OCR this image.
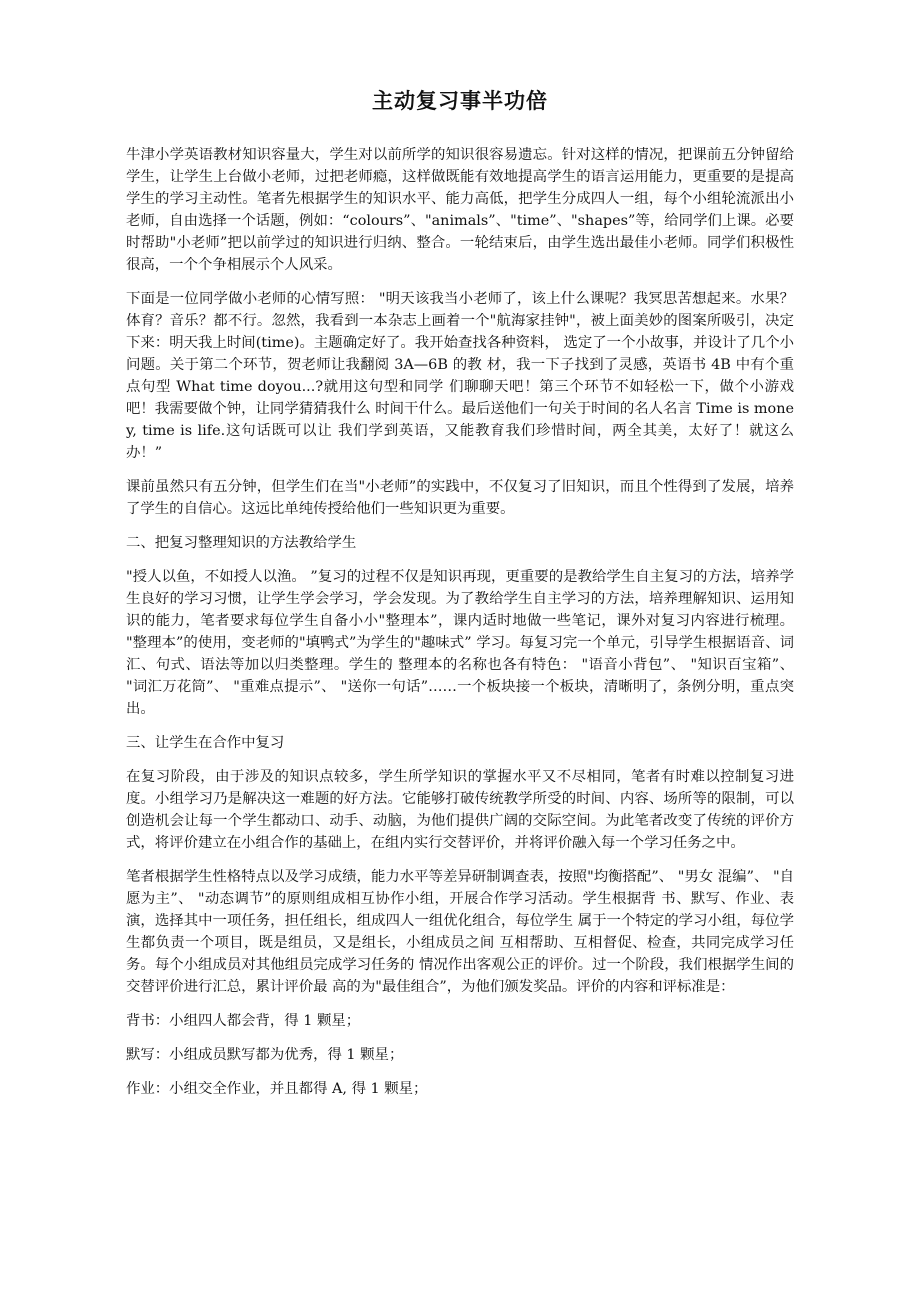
主动复习事半功倍

牛津小学英语教材知识容量大，学生对以前所学的知识很容易遗忘。针对这样的情况，把课前五分钟留给学生，让学生上台做小老师，过把老师瘾，这样做既能有效地提高学生的语言运用能力，更重要的是提高学生的学习主动性。笔者先根据学生的知识水平、能力高低，把学生分成四人一组，每个小组轮流派出小老师，自由选择一个话题，例如：“colours”、"animals”、"time”、"shapes”等，给同学们上课。必要时帮助"小老师”把以前学过的知识进行归纳、整合。一轮结束后，由学生选出最佳小老师。同学们积极性很高，一个个争相展示个人风采。

下面是一位同学做小老师的心情写照： "明天该我当小老师了，该上什么课呢？我冥思苦想起来。水果？体育？音乐？都不行。忽然，我看到一本杂志上画着一个"航海家挂钟"，被上面美妙的图案所吸引，决定下来：明天我上时间(time)。主题确定好了。我开始查找各种资料， 选定了一个小故事，并设计了几个小问题。关于第二个环节，贺老师让我翻阅 3A—6B 的教 材，我一下子找到了灵感，英语书 4B 中有个重点句型 What time doyou...?就用这句型和同学 们聊聊天吧！第三个环节不如轻松一下，做个小游戏吧！我需要做个钟，让同学猜猜我什么 时间干什么。最后送他们一句关于时间的名人名言 Time is money, time is life.这句话既可以让 我们学到英语，又能教育我们珍惜时间，两全其美，太好了！就这么办！”

课前虽然只有五分钟，但学生们在当"小老师”的实践中，不仅复习了旧知识，而且个性得到了发展，培养了学生的自信心。这远比单纯传授给他们一些知识更为重要。

二、把复习整理知识的方法教给学生

"授人以鱼，不如授人以渔。 ”复习的过程不仅是知识再现，更重要的是教给学生自主复习的方法，培养学生良好的学习习惯，让学生学会学习，学会发现。为了教给学生自主学习的方法，培养理解知识、运用知识的能力，笔者要求每位学生自备小小"整理本”，课内适时地做一些笔记，课外对复习内容进行梳理。 "整理本”的使用，变老师的"填鸭式”为学生的"趣味式” 学习。每复习完一个单元，引导学生根据语音、词汇、句式、语法等加以归类整理。学生的 整理本的名称也各有特色： "语音小背包”、 "知识百宝箱”、 "词汇万花筒”、 "重难点提示”、 "送你一句话”……一个板块接一个板块，清晰明了，条例分明，重点突出。

三、让学生在合作中复习

在复习阶段，由于涉及的知识点较多，学生所学知识的掌握水平又不尽相同，笔者有时难以控制复习进度。小组学习乃是解决这一难题的好方法。它能够打破传统教学所受的时间、内容、场所等的限制，可以创造机会让每一个学生都动口、动手、动脑，为他们提供广阔的交际空间。为此笔者改变了传统的评价方式，将评价建立在小组合作的基础上，在组内实行交替评价，并将评价融入每一个学习任务之中。

笔者根据学生性格特点以及学习成绩，能力水平等差异研制调查表，按照"均衡搭配”、 "男女 混编”、 "自愿为主”、 "动态调节”的原则组成相互协作小组，开展合作学习活动。学生根据背 书、默写、作业、表演，选择其中一项任务，担任组长，组成四人一组优化组合，每位学生 属于一个特定的学习小组，每位学生都负责一个项目，既是组员，又是组长，小组成员之间 互相帮助、互相督促、检查，共同完成学习任务。每个小组成员对其他组员完成学习任务的 情况作出客观公正的评价。过一个阶段，我们根据学生间的交替评价进行汇总，累计评价最 高的为"最佳组合”，为他们颁发奖品。评价的内容和评标准是：

背书：小组四人都会背，得 1 颗星；

默写：小组成员默写都为优秀，得 1 颗星；

作业：小组交全作业，并且都得 A, 得 1 颗星；
